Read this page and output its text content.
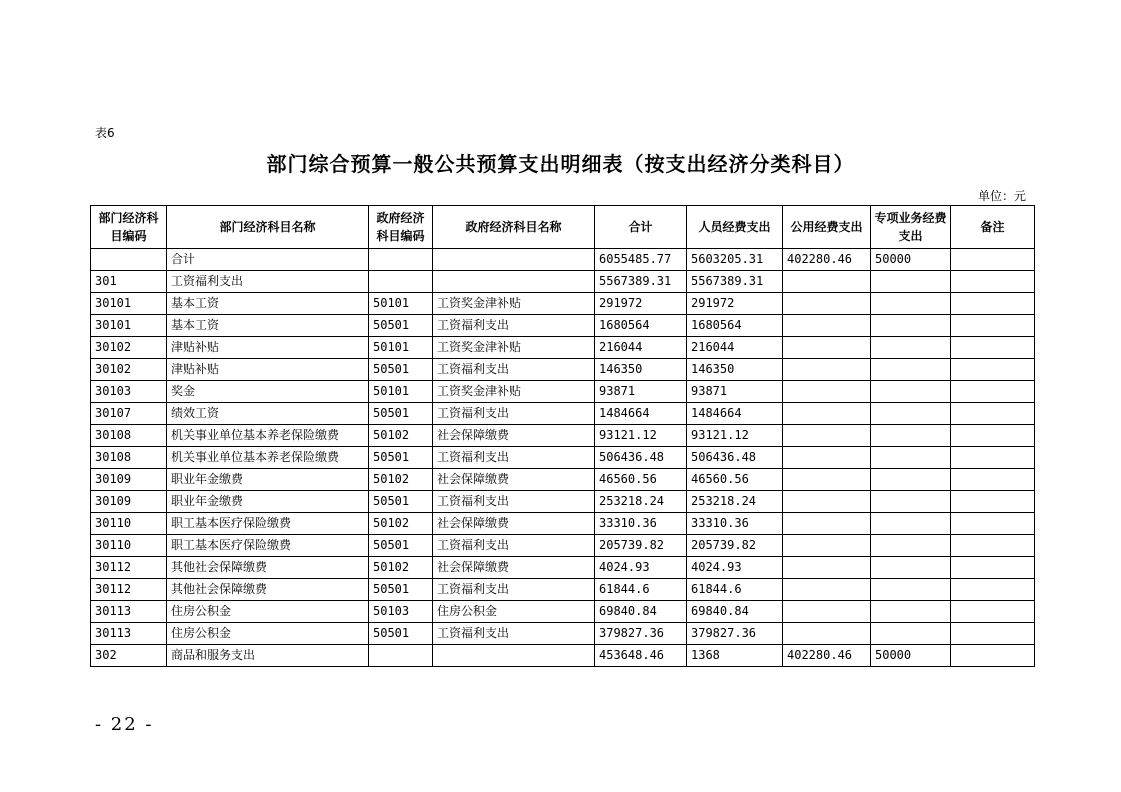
表6
部门综合预算一般公共预算支出明细表（按支出经济分类科目）
单位：元
部门经济科目编码	部门经济科目名称	政府经济科目编码	政府经济科目名称	合计	人员经费支出	公用经费支出	专项业务经费支出	备注
	合计			6055485.77	5603205.31	402280.46	50000	
301	工资福利支出			5567389.31	5567389.31			
30101	基本工资	50101	工资奖金津补贴	291972	291972			
30101	基本工资	50501	工资福利支出	1680564	1680564			
30102	津贴补贴	50101	工资奖金津补贴	216044	216044			
30102	津贴补贴	50501	工资福利支出	146350	146350			
30103	奖金	50101	工资奖金津补贴	93871	93871			
30107	绩效工资	50501	工资福利支出	1484664	1484664			
30108	机关事业单位基本养老保险缴费	50102	社会保障缴费	93121.12	93121.12			
30108	机关事业单位基本养老保险缴费	50501	工资福利支出	506436.48	506436.48			
30109	职业年金缴费	50102	社会保障缴费	46560.56	46560.56			
30109	职业年金缴费	50501	工资福利支出	253218.24	253218.24			
30110	职工基本医疗保险缴费	50102	社会保障缴费	33310.36	33310.36			
30110	职工基本医疗保险缴费	50501	工资福利支出	205739.82	205739.82			
30112	其他社会保障缴费	50102	社会保障缴费	4024.93	4024.93			
30112	其他社会保障缴费	50501	工资福利支出	61844.6	61844.6			
30113	住房公积金	50103	住房公积金	69840.84	69840.84			
30113	住房公积金	50501	工资福利支出	379827.36	379827.36			
302	商品和服务支出			453648.46	1368	402280.46	50000	
- 22 -
